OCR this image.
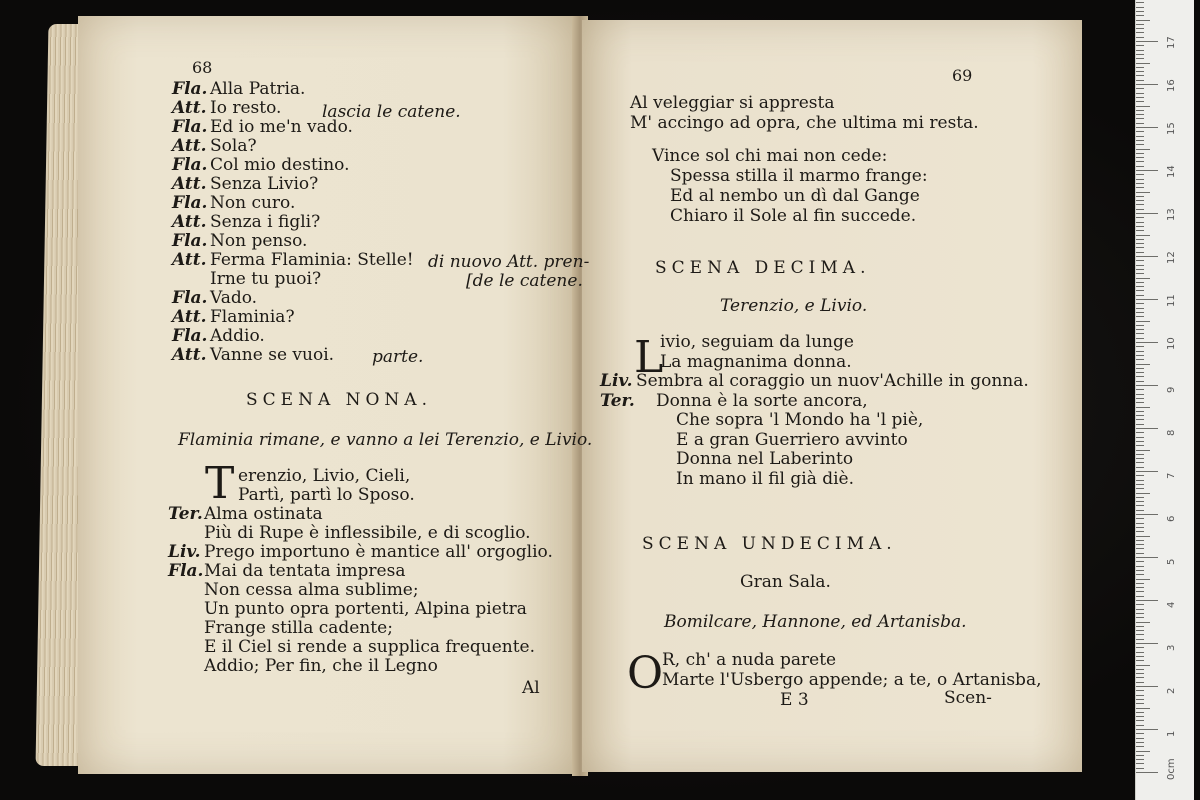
68
Fla. Alla Patria.
Att. Io resto. lascia le catene.
Fla. Ed io me'n vado.
Att. Sola?
Fla. Col mio destino.
Att. Senza Livio?
Fla. Non curo.
Att. Senza i figli?
Fla. Non penso.
Att. Ferma Flaminia: Stelle! di nuovo Att. pren-
Irne tu puoi?	[de le catene.
Fla. Vado.
Att. Flaminia?
Fla. Addio.
Att. Vanne se vuoi. parte.
SCENA NONA.
Flaminia rimane, e vanno a lei Terenzio, e Livio.
T erenzio, Livio, Cieli,
Partì, partì lo Sposo.
Ter. Alma ostinata
Più di Rupe è inflessibile, e di scoglio.
Liv. Prego importuno è mantice all' orgoglio.
Fla. Mai da tentata impresa
Non cessa alma sublime;
Un punto opra portenti, Alpina pietra
Frange stilla cadente;
E il Ciel si rende a supplica frequente.
Addio; Per fin, che il Legno
Al
69
Al veleggiar si appresta
M' accingo ad opra, che ultima mi resta.
Vince sol chi mai non cede:
Spessa stilla il marmo frange:
Ed al nembo un dì dal Gange
Chiaro il Sole al fin succede.
SCENA DECIMA.
Terenzio, e Livio.
L
ivio, seguiam da lunge
La magnanima donna.
Liv. Sembra al coraggio un nuov'Achille in gonna.
Ter. Donna è la sorte ancora,
Che sopra 'l Mondo ha 'l piè,
E a gran Guerriero avvinto
Donna nel Laberinto
In mano il fil già diè.
SCENA UNDECIMA.
Gran Sala.
Bomilcare, Hannone, ed Artanisba.
O
R, ch' a nuda parete
Marte l'Usbergo appende; a te, o Artanisba,
E 3	Scen-
0cm
1
2
3
4
5
6
7
8
9
10
11
12
13
14
15
16
17
